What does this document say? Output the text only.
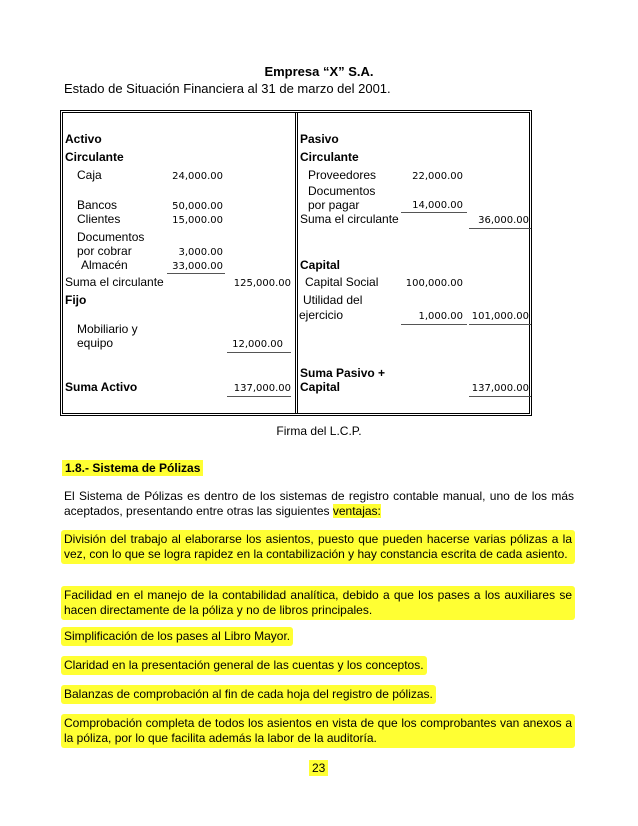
Empresa “X” S.A.
Estado de Situación Financiera al 31 de marzo del 2001.
Activo
Circulante
Caja	24,000.00
Bancos	50,000.00
Clientes	15,000.00
Documentos
por cobrar	3,000.00
Almacén	33,000.00
Suma el circulante	125,000.00
Fijo
Mobiliario y
equipo	12,000.00
Suma Activo	137,000.00
Pasivo
Circulante
Proveedores	22,000.00
Documentos
por pagar	14,000.00
Suma el circulante	36,000.00
Capital
Capital Social	100,000.00
Utilidad del
ejercicio	1,000.00 101,000.00
Suma Pasivo +
Capital	137,000.00
Firma del L.C.P.
1.8.- Sistema de Pólizas
El Sistema de Pólizas es dentro de los sistemas de registro contable manual, uno de los más aceptados, presentando entre otras las siguientes ventajas:
División del trabajo al elaborarse los asientos, puesto que pueden hacerse varias pólizas a la vez, con lo que se logra rapidez en la contabilización y hay constancia escrita de cada asiento.
Facilidad en el manejo de la contabilidad analítica, debido a que los pases a los auxiliares se hacen directamente de la póliza y no de libros principales.
Simplificación de los pases al Libro Mayor.
Claridad en la presentación general de las cuentas y los conceptos.
Balanzas de comprobación al fin de cada hoja del registro de pólizas.
Comprobación completa de todos los asientos en vista de que los comprobantes van anexos a la póliza, por lo que facilita además la labor de la auditoría.
23
